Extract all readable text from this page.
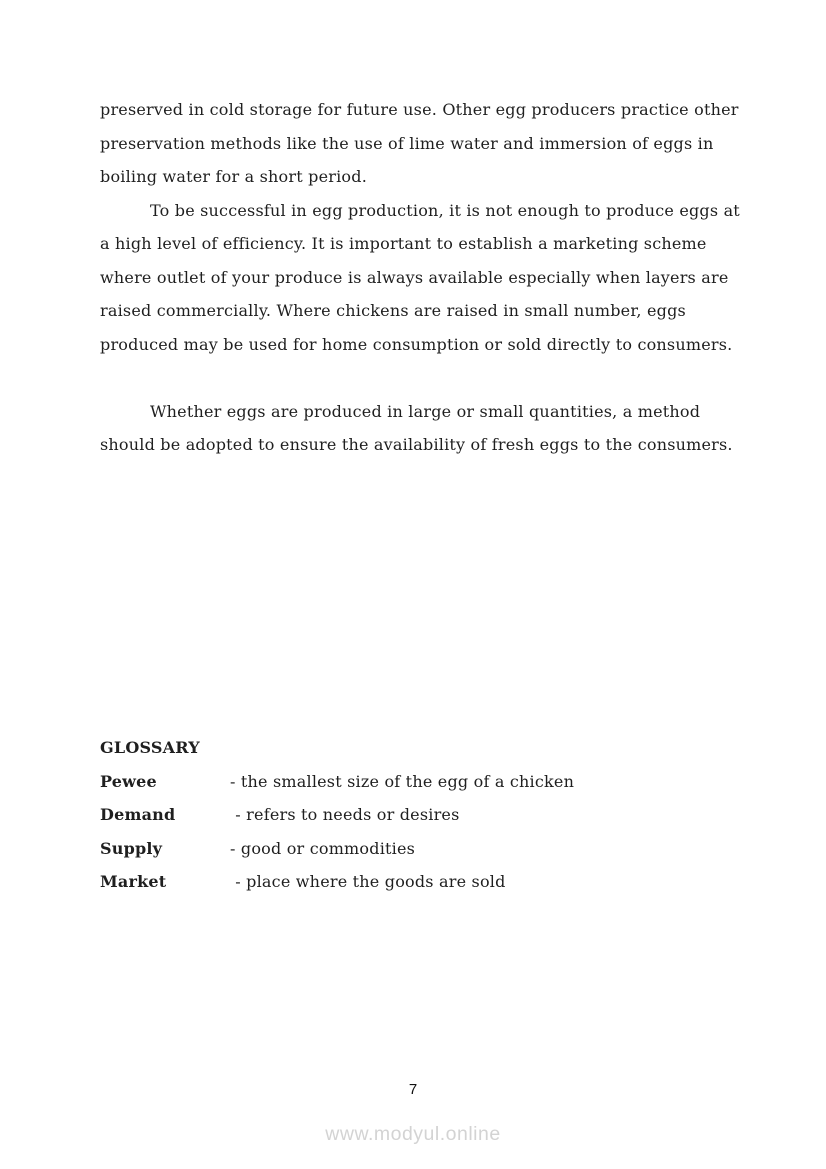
preserved in cold storage for future use. Other egg producers practice other
preservation methods like the use of lime water and immersion of eggs in
boiling water for a short period.
To be successful in egg production, it is not enough to produce eggs at
a high level of efficiency. It is important to establish a marketing scheme
where outlet of your produce is always available especially when layers are
raised commercially. Where chickens are raised in small number, eggs
produced may be used for home consumption or sold directly to consumers.
Whether eggs are produced in large or small quantities, a method
should be adopted to ensure the availability of fresh eggs to the consumers.
GLOSSARY
Pewee	- the smallest size of the egg of a chicken
Demand	- refers to needs or desires
Supply	- good or commodities
Market	- place where the goods are sold
7
www.modyul.online
